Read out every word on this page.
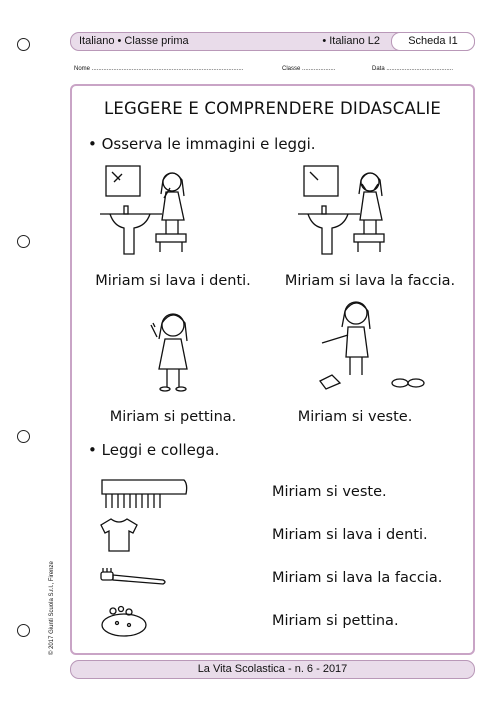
Italiano • Classe prima	• Italiano L2	Scheda I1
Nome ...........................................................................................	Classe ....................	Data ........................................
LEGGERE E COMPRENDERE DIDASCALIE
• Osserva le immagini e leggi.
Miriam si lava i denti.	Miriam si lava la faccia.
Miriam si pettina.	Miriam si veste.
• Leggi e collega.
Miriam si veste.
Miriam si lava i denti.
Miriam si lava la faccia.
Miriam si pettina.
© 2017 Giunti Scuola S.r.l., Firenze
La Vita Scolastica - n. 6 - 2017
